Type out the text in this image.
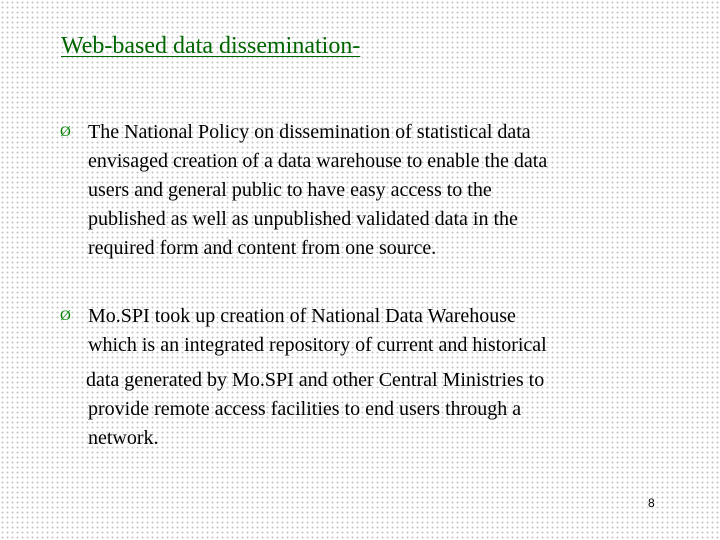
Web-based data dissemination-
Ø The National Policy on dissemination of statistical data
envisaged creation of a data warehouse to enable the data
users and general public to have easy access to the
published as well as unpublished validated data in the
required form and content from one source.
Ø Mo.SPI took up creation of National Data Warehouse
which is an integrated repository of current and historical
data generated by Mo.SPI and other Central Ministries to
provide remote access facilities to end users through a
network.
8
